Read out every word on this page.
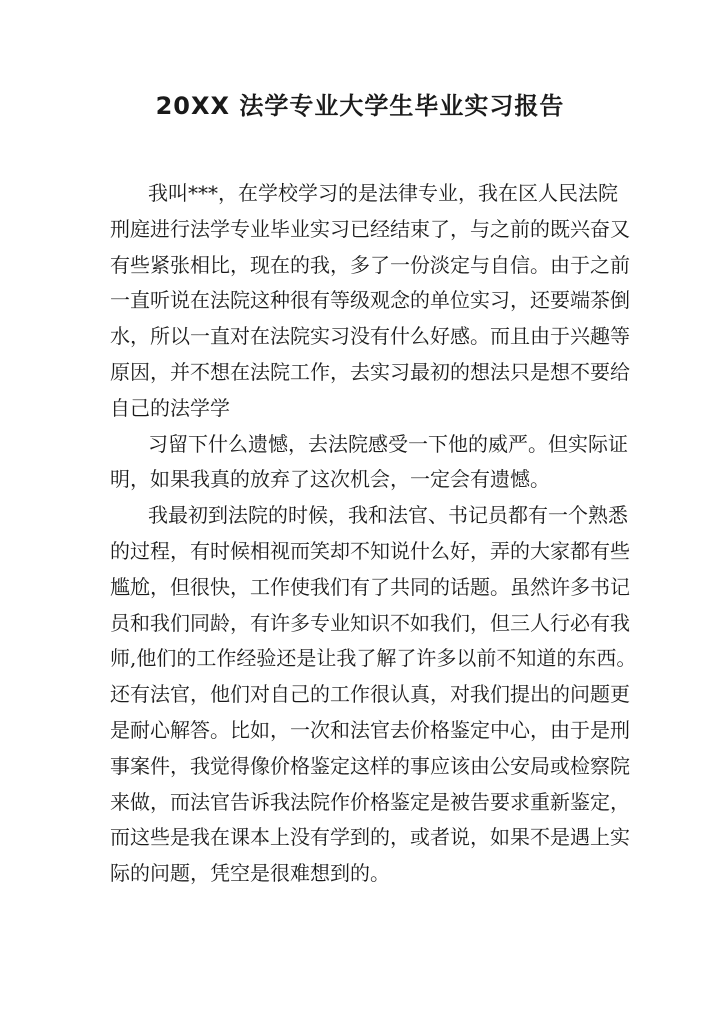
20XX 法学专业大学生毕业实习报告
我叫***，在学校学习的是法律专业，我在区人民法院
刑庭进行法学专业毕业实习已经结束了，与之前的既兴奋又
有些紧张相比，现在的我，多了一份淡定与自信。由于之前
一直听说在法院这种很有等级观念的单位实习，还要端茶倒
水，所以一直对在法院实习没有什么好感。而且由于兴趣等
原因，并不想在法院工作，去实习最初的想法只是想不要给
自己的法学学
习留下什么遗憾，去法院感受一下他的威严。但实际证
明，如果我真的放弃了这次机会，一定会有遗憾。
我最初到法院的时候，我和法官、书记员都有一个熟悉
的过程，有时候相视而笑却不知说什么好，弄的大家都有些
尴尬，但很快，工作使我们有了共同的话题。虽然许多书记
员和我们同龄，有许多专业知识不如我们，但三人行必有我
师,他们的工作经验还是让我了解了许多以前不知道的东西。
还有法官，他们对自己的工作很认真，对我们提出的问题更
是耐心解答。比如，一次和法官去价格鉴定中心，由于是刑
事案件，我觉得像价格鉴定这样的事应该由公安局或检察院
来做，而法官告诉我法院作价格鉴定是被告要求重新鉴定，
而这些是我在课本上没有学到的，或者说，如果不是遇上实
际的问题，凭空是很难想到的。
